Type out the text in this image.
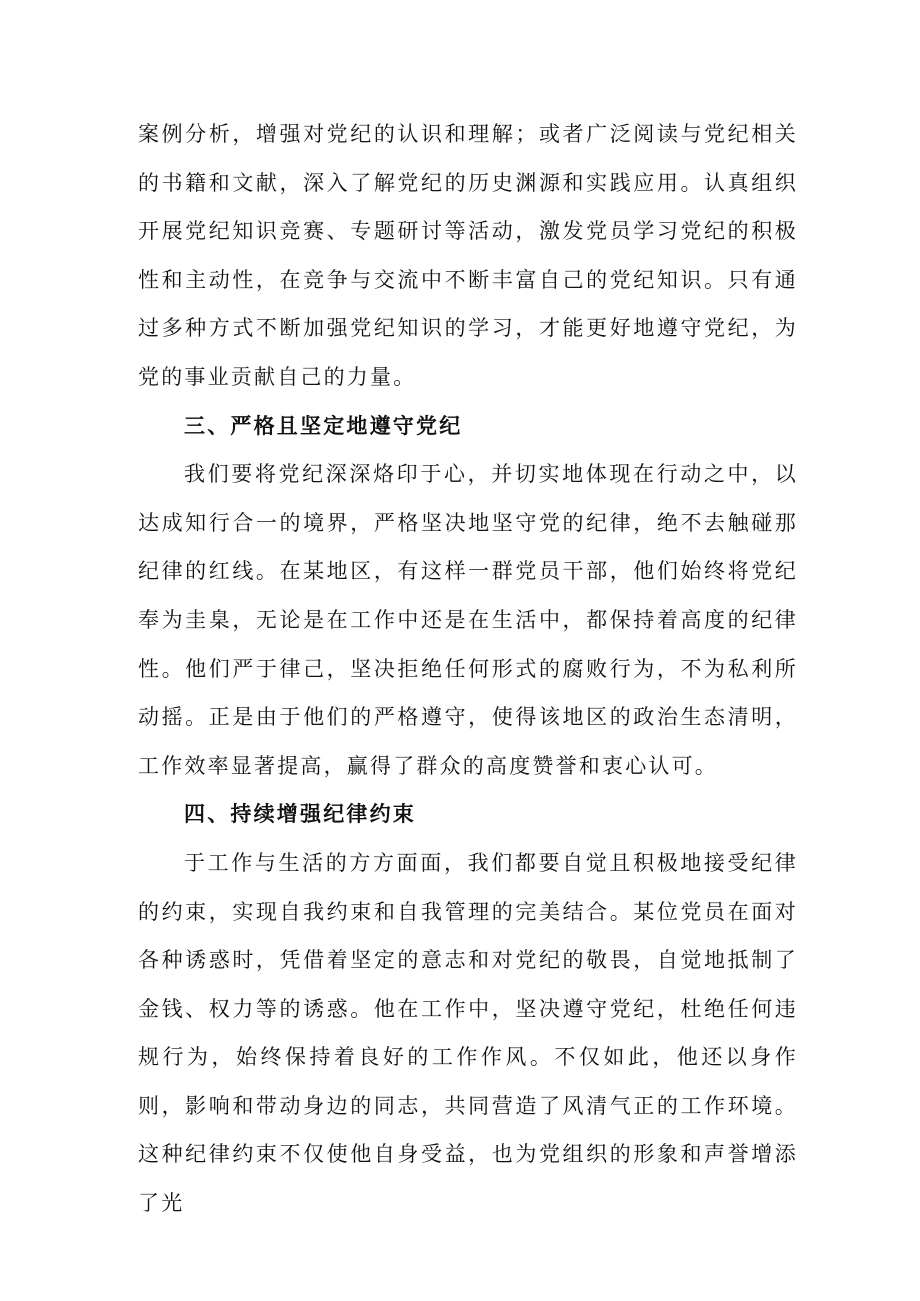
案例分析，增强对党纪的认识和理解；或者广泛阅读与党纪相关的书籍和文献，深入了解党纪的历史渊源和实践应用。认真组织开展党纪知识竞赛、专题研讨等活动，激发党员学习党纪的积极性和主动性，在竞争与交流中不断丰富自己的党纪知识。只有通过多种方式不断加强党纪知识的学习，才能更好地遵守党纪，为党的事业贡献自己的力量。

三、严格且坚定地遵守党纪

我们要将党纪深深烙印于心，并切实地体现在行动之中，以达成知行合一的境界，严格坚决地坚守党的纪律，绝不去触碰那纪律的红线。在某地区，有这样一群党员干部，他们始终将党纪奉为圭臬，无论是在工作中还是在生活中，都保持着高度的纪律性。他们严于律己，坚决拒绝任何形式的腐败行为，不为私利所动摇。正是由于他们的严格遵守，使得该地区的政治生态清明，工作效率显著提高，赢得了群众的高度赞誉和衷心认可。

四、持续增强纪律约束

于工作与生活的方方面面，我们都要自觉且积极地接受纪律的约束，实现自我约束和自我管理的完美结合。某位党员在面对各种诱惑时，凭借着坚定的意志和对党纪的敬畏，自觉地抵制了金钱、权力等的诱惑。他在工作中，坚决遵守党纪，杜绝任何违规行为，始终保持着良好的工作作风。不仅如此，他还以身作则，影响和带动身边的同志，共同营造了风清气正的工作环境。这种纪律约束不仅使他自身受益，也为党组织的形象和声誉增添了光
